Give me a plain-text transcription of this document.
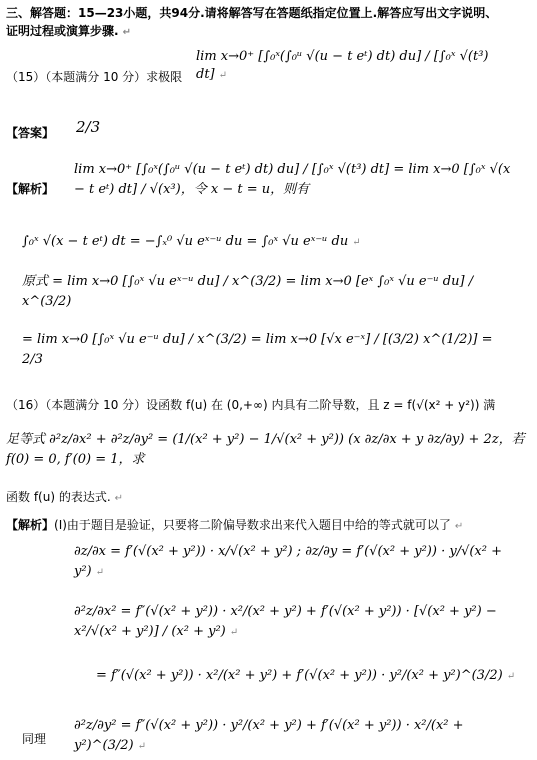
三、解答题：15—23小题，共94分.请将解答写在答题纸指定位置上.解答应写出文字说明、
证明过程或演算步骤. ↵
（15）（本题满分 10 分）求极限
lim x→0⁺ [∫₀ˣ(∫₀ᵘ √(u − t eᵗ) dt) du] / [∫₀ˣ √(t³) dt] ↵
【答案】 2/3
【解析】
lim x→0⁺ [∫₀ˣ(∫₀ᵘ √(u − t eᵗ) dt) du] / [∫₀ˣ √(t³) dt] = lim x→0 [∫₀ˣ √(x − t eᵗ) dt] / √(x³)，令 x − t = u，则有
∫₀ˣ √(x − t eᵗ) dt = −∫ₓ⁰ √u eˣ⁻ᵘ du = ∫₀ˣ √u eˣ⁻ᵘ du ↵
原式 = lim x→0 [∫₀ˣ √u eˣ⁻ᵘ du] / x^(3/2) = lim x→0 [eˣ ∫₀ˣ √u e⁻ᵘ du] / x^(3/2)
= lim x→0 [∫₀ˣ √u e⁻ᵘ du] / x^(3/2) = lim x→0 [√x e⁻ˣ] / [(3/2) x^(1/2)] = 2/3
（16）（本题满分 10 分）设函数 f(u) 在 (0,+∞) 内具有二阶导数，且 z = f(√(x² + y²)) 满
足等式 ∂²z/∂x² + ∂²z/∂y² = (1/(x² + y²) − 1/√(x² + y²)) (x ∂z/∂x + y ∂z/∂y) + 2z，若 f(0) = 0, f′(0) = 1，求
函数 f(u) 的表达式. ↵
【解析】(I)由于题目是验证，只要将二阶偏导数求出来代入题目中给的等式就可以了 ↵
∂z/∂x = f′(√(x² + y²)) · x/√(x² + y²) ; ∂z/∂y = f′(√(x² + y²)) · y/√(x² + y²) ↵
∂²z/∂x² = f″(√(x² + y²)) · x²/(x² + y²) + f′(√(x² + y²)) · [√(x² + y²) − x²/√(x² + y²)] / (x² + y²) ↵
= f″(√(x² + y²)) · x²/(x² + y²) + f′(√(x² + y²)) · y²/(x² + y²)^(3/2) ↵
同理
∂²z/∂y² = f″(√(x² + y²)) · y²/(x² + y²) + f′(√(x² + y²)) · x²/(x² + y²)^(3/2) ↵
